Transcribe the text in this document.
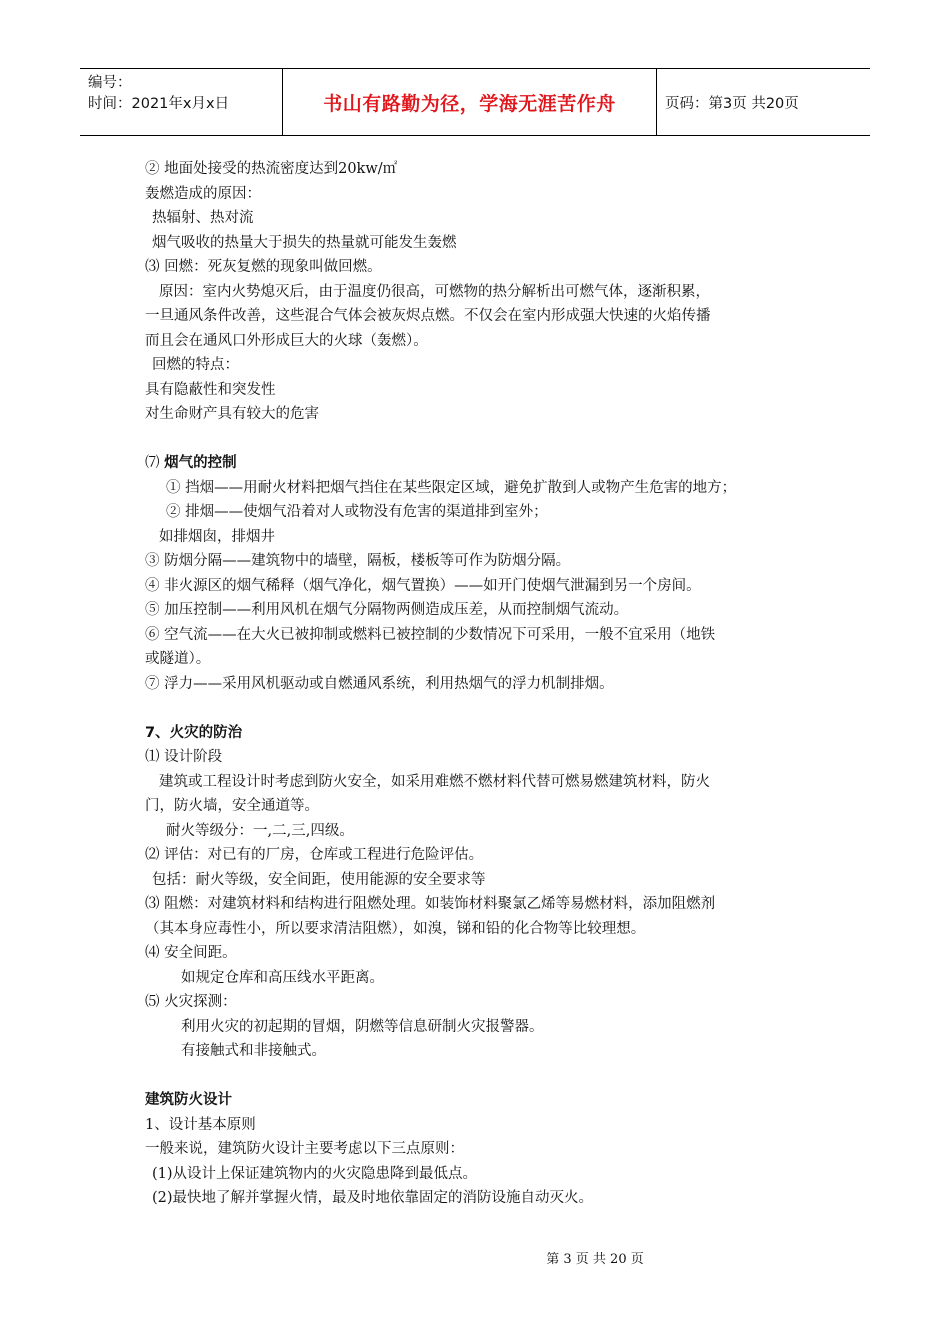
编号：
时间：2021年x月x日	书山有路勤为径，学海无涯苦作舟	页码：第3页 共20页
② 地面处接受的热流密度达到20kw/㎡
轰燃造成的原因：
热辐射、热对流
烟气吸收的热量大于损失的热量就可能发生轰燃
⑶ 回燃：死灰复燃的现象叫做回燃。
原因：室内火势熄灭后，由于温度仍很高，可燃物的热分解析出可燃气体，逐渐积累，
一旦通风条件改善，这些混合气体会被灰烬点燃。不仅会在室内形成强大快速的火焰传播
而且会在通风口外形成巨大的火球（轰燃）。
回燃的特点：
具有隐蔽性和突发性
对生命财产具有较大的危害
⑺ 烟气的控制
① 挡烟——用耐火材料把烟气挡住在某些限定区域，避免扩散到人或物产生危害的地方；
② 排烟——使烟气沿着对人或物没有危害的渠道排到室外；
如排烟囱，排烟井
③ 防烟分隔——建筑物中的墙壁，隔板，楼板等可作为防烟分隔。
④ 非火源区的烟气稀释（烟气净化，烟气置换）——如开门使烟气泄漏到另一个房间。
⑤ 加压控制——利用风机在烟气分隔物两侧造成压差，从而控制烟气流动。
⑥ 空气流——在大火已被抑制或燃料已被控制的少数情况下可采用，一般不宜采用（地铁
或隧道）。
⑦ 浮力——采用风机驱动或自燃通风系统，利用热烟气的浮力机制排烟。
7、火灾的防治
⑴ 设计阶段
建筑或工程设计时考虑到防火安全，如采用难燃不燃材料代替可燃易燃建筑材料，防火
门，防火墙，安全通道等。
耐火等级分：一,二,三,四级。
⑵ 评估：对已有的厂房，仓库或工程进行危险评估。
包括：耐火等级，安全间距，使用能源的安全要求等
⑶ 阻燃：对建筑材料和结构进行阻燃处理。如装饰材料聚氯乙烯等易燃材料，添加阻燃剂
（其本身应毒性小，所以要求清洁阻燃），如溴，锑和铅的化合物等比较理想。
⑷ 安全间距。
如规定仓库和高压线水平距离。
⑸ 火灾探测：
利用火灾的初起期的冒烟，阴燃等信息研制火灾报警器。
有接触式和非接触式。
建筑防火设计
1、设计基本原则
一般来说，建筑防火设计主要考虑以下三点原则：
(1)从设计上保证建筑物内的火灾隐患降到最低点。
(2)最快地了解并掌握火情，最及时地依靠固定的消防设施自动灭火。
第 3 页 共 20 页
